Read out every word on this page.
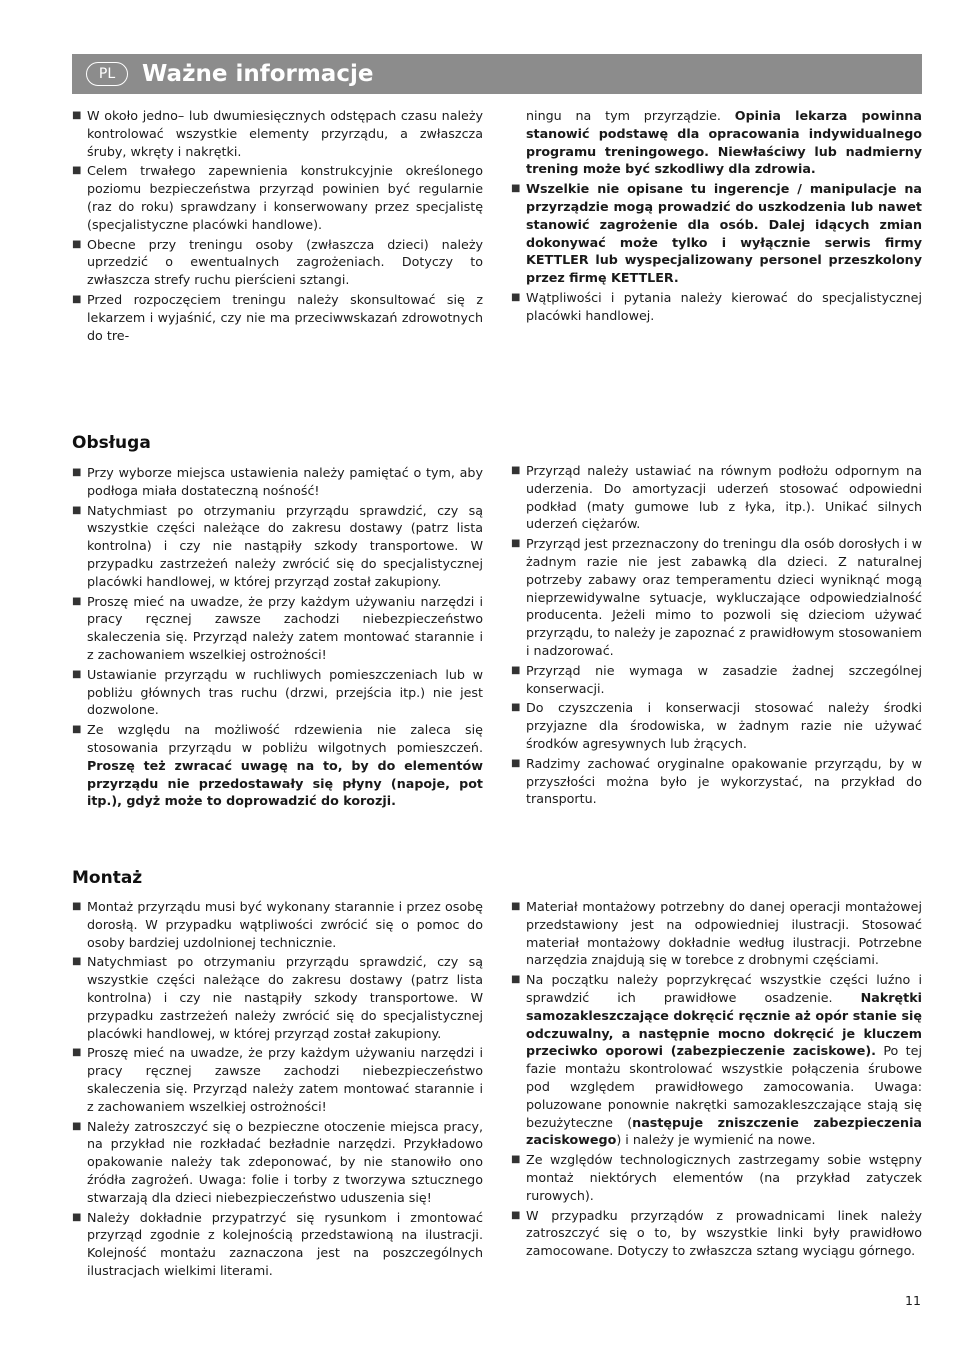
PL	Ważne informacje
■ W około jedno– lub dwumiesięcznych odstępach czasu należy kontrolować wszystkie elementy przyrządu, a zwłaszcza śruby, wkręty i nakrętki.
■ Celem trwałego zapewnienia konstrukcyjnie określonego poziomu bezpieczeństwa przyrząd powinien być regularnie (raz do roku) sprawdzany i konserwowany przez specjalistę (specjalistyczne placówki handlowe).
■ Obecne przy treningu osoby (zwłaszcza dzieci) należy uprzedzić o ewentualnych zagrożeniach. Dotyczy to zwłaszcza strefy ruchu pierścieni sztangi.
■ Przed rozpoczęciem treningu należy skonsultować się z lekarzem i wyjaśnić, czy nie ma przeciwwskazań zdrowotnych do tre-
ningu na tym przyrządzie. Opinia lekarza powinna stanowić podstawę dla opracowania indywidualnego programu treningowego. Niewłaściwy lub nadmierny trening może być szkodliwy dla zdrowia.
■ Wszelkie nie opisane tu ingerencje / manipulacje na przyrządzie mogą prowadzić do uszkodzenia lub nawet stanowić zagrożenie dla osób. Dalej idących zmian dokonywać może tylko i wyłącznie serwis firmy KETTLER lub wyspecjalizowany personel przeszkolony przez firmę KETTLER.
■ Wątpliwości i pytania należy kierować do specjalistycznej placówki handlowej.
Obsługa
■ Przy wyborze miejsca ustawienia należy pamiętać o tym, aby podłoga miała dostateczną nośność!
■ Natychmiast po otrzymaniu przyrządu sprawdzić, czy są wszystkie części należące do zakresu dostawy (patrz lista kontrolna) i czy nie nastąpiły szkody transportowe. W przypadku zastrzeżeń należy zwrócić się do specjalistycznej placówki handlowej, w której przyrząd został zakupiony.
■ Proszę mieć na uwadze, że przy każdym używaniu narzędzi i pracy ręcznej zawsze zachodzi niebezpieczeństwo skaleczenia się. Przyrząd należy zatem montować starannie i z zachowaniem wszelkiej ostrożności!
■ Ustawianie przyrządu w ruchliwych pomieszczeniach lub w pobliżu głównych tras ruchu (drzwi, przejścia itp.) nie jest dozwolone.
■ Ze względu na możliwość rdzewienia nie zaleca się stosowania przyrządu w pobliżu wilgotnych pomieszczeń. Proszę też zwracać uwagę na to, by do elementów przyrządu nie przedostawały się płyny (napoje, pot itp.), gdyż może to doprowadzić do korozji.
■ Przyrząd należy ustawiać na równym podłożu odpornym na uderzenia. Do amortyzacji uderzeń stosować odpowiedni podkład (maty gumowe lub z łyka, itp.). Unikać silnych uderzeń ciężarów.
■ Przyrząd jest przeznaczony do treningu dla osób dorosłych i w żadnym razie nie jest zabawką dla dzieci. Z naturalnej potrzeby zabawy oraz temperamentu dzieci wyniknąć mogą nieprzewidywalne sytuacje, wykluczające odpowiedzialność producenta. Jeżeli mimo to pozwoli się dzieciom używać przyrządu, to należy je zapoznać z prawidłowym stosowaniem i nadzorować.
■ Przyrząd nie wymaga w zasadzie żadnej szczególnej konserwacji.
■ Do czyszczenia i konserwacji stosować należy środki przyjazne dla środowiska, w żadnym razie nie używać środków agresywnych lub żrących.
■ Radzimy zachować oryginalne opakowanie przyrządu, by w przyszłości można było je wykorzystać, na przykład do transportu.
Montaż
■ Montaż przyrządu musi być wykonany starannie i przez osobę dorosłą. W przypadku wątpliwości zwrócić się o pomoc do osoby bardziej uzdolnionej technicznie.
■ Natychmiast po otrzymaniu przyrządu sprawdzić, czy są wszystkie części należące do zakresu dostawy (patrz lista kontrolna) i czy nie nastąpiły szkody transportowe. W przypadku zastrzeżeń należy zwrócić się do specjalistycznej placówki handlowej, w której przyrząd został zakupiony.
■ Proszę mieć na uwadze, że przy każdym używaniu narzędzi i pracy ręcznej zawsze zachodzi niebezpieczeństwo skaleczenia się. Przyrząd należy zatem montować starannie i z zachowaniem wszelkiej ostrożności!
■ Należy zatroszczyć się o bezpieczne otoczenie miejsca pracy, na przykład nie rozkładać bezładnie narzędzi. Przykładowo opakowanie należy tak zdeponować, by nie stanowiło ono źródła zagrożeń. Uwaga: folie i torby z tworzywa sztucznego stwarzają dla dzieci niebezpieczeństwo uduszenia się!
■ Należy dokładnie przypatrzyć się rysunkom i zmontować przyrząd zgodnie z kolejnością przedstawioną na ilustracji. Kolejność montażu zaznaczona jest na poszczególnych ilustracjach wielkimi literami.
■ Materiał montażowy potrzebny do danej operacji montażowej przedstawiony jest na odpowiedniej ilustracji. Stosować materiał montażowy dokładnie według ilustracji. Potrzebne narzędzia znajdują się w torebce z drobnymi częściami.
■ Na początku należy poprzykręcać wszystkie części luźno i sprawdzić ich prawidłowe osadzenie. Nakrętki samozakleszczające dokręcić ręcznie aż opór stanie się odczuwalny, a następnie mocno dokręcić je kluczem przeciwko oporowi (zabezpieczenie zaciskowe). Po tej fazie montażu skontrolować wszystkie połączenia śrubowe pod względem prawidłowego zamocowania. Uwaga: poluzowane ponownie nakrętki samozakleszczające stają się bezużyteczne (następuje zniszczenie zabezpieczenia zaciskowego) i należy je wymienić na nowe.
■ Ze względów technologicznych zastrzegamy sobie wstępny montaż niektórych elementów (na przykład zatyczek rurowych).
■ W przypadku przyrządów z prowadnicami linek należy zatroszczyć się o to, by wszystkie linki były prawidłowo zamocowane. Dotyczy to zwłaszcza sztang wyciągu górnego.
11
